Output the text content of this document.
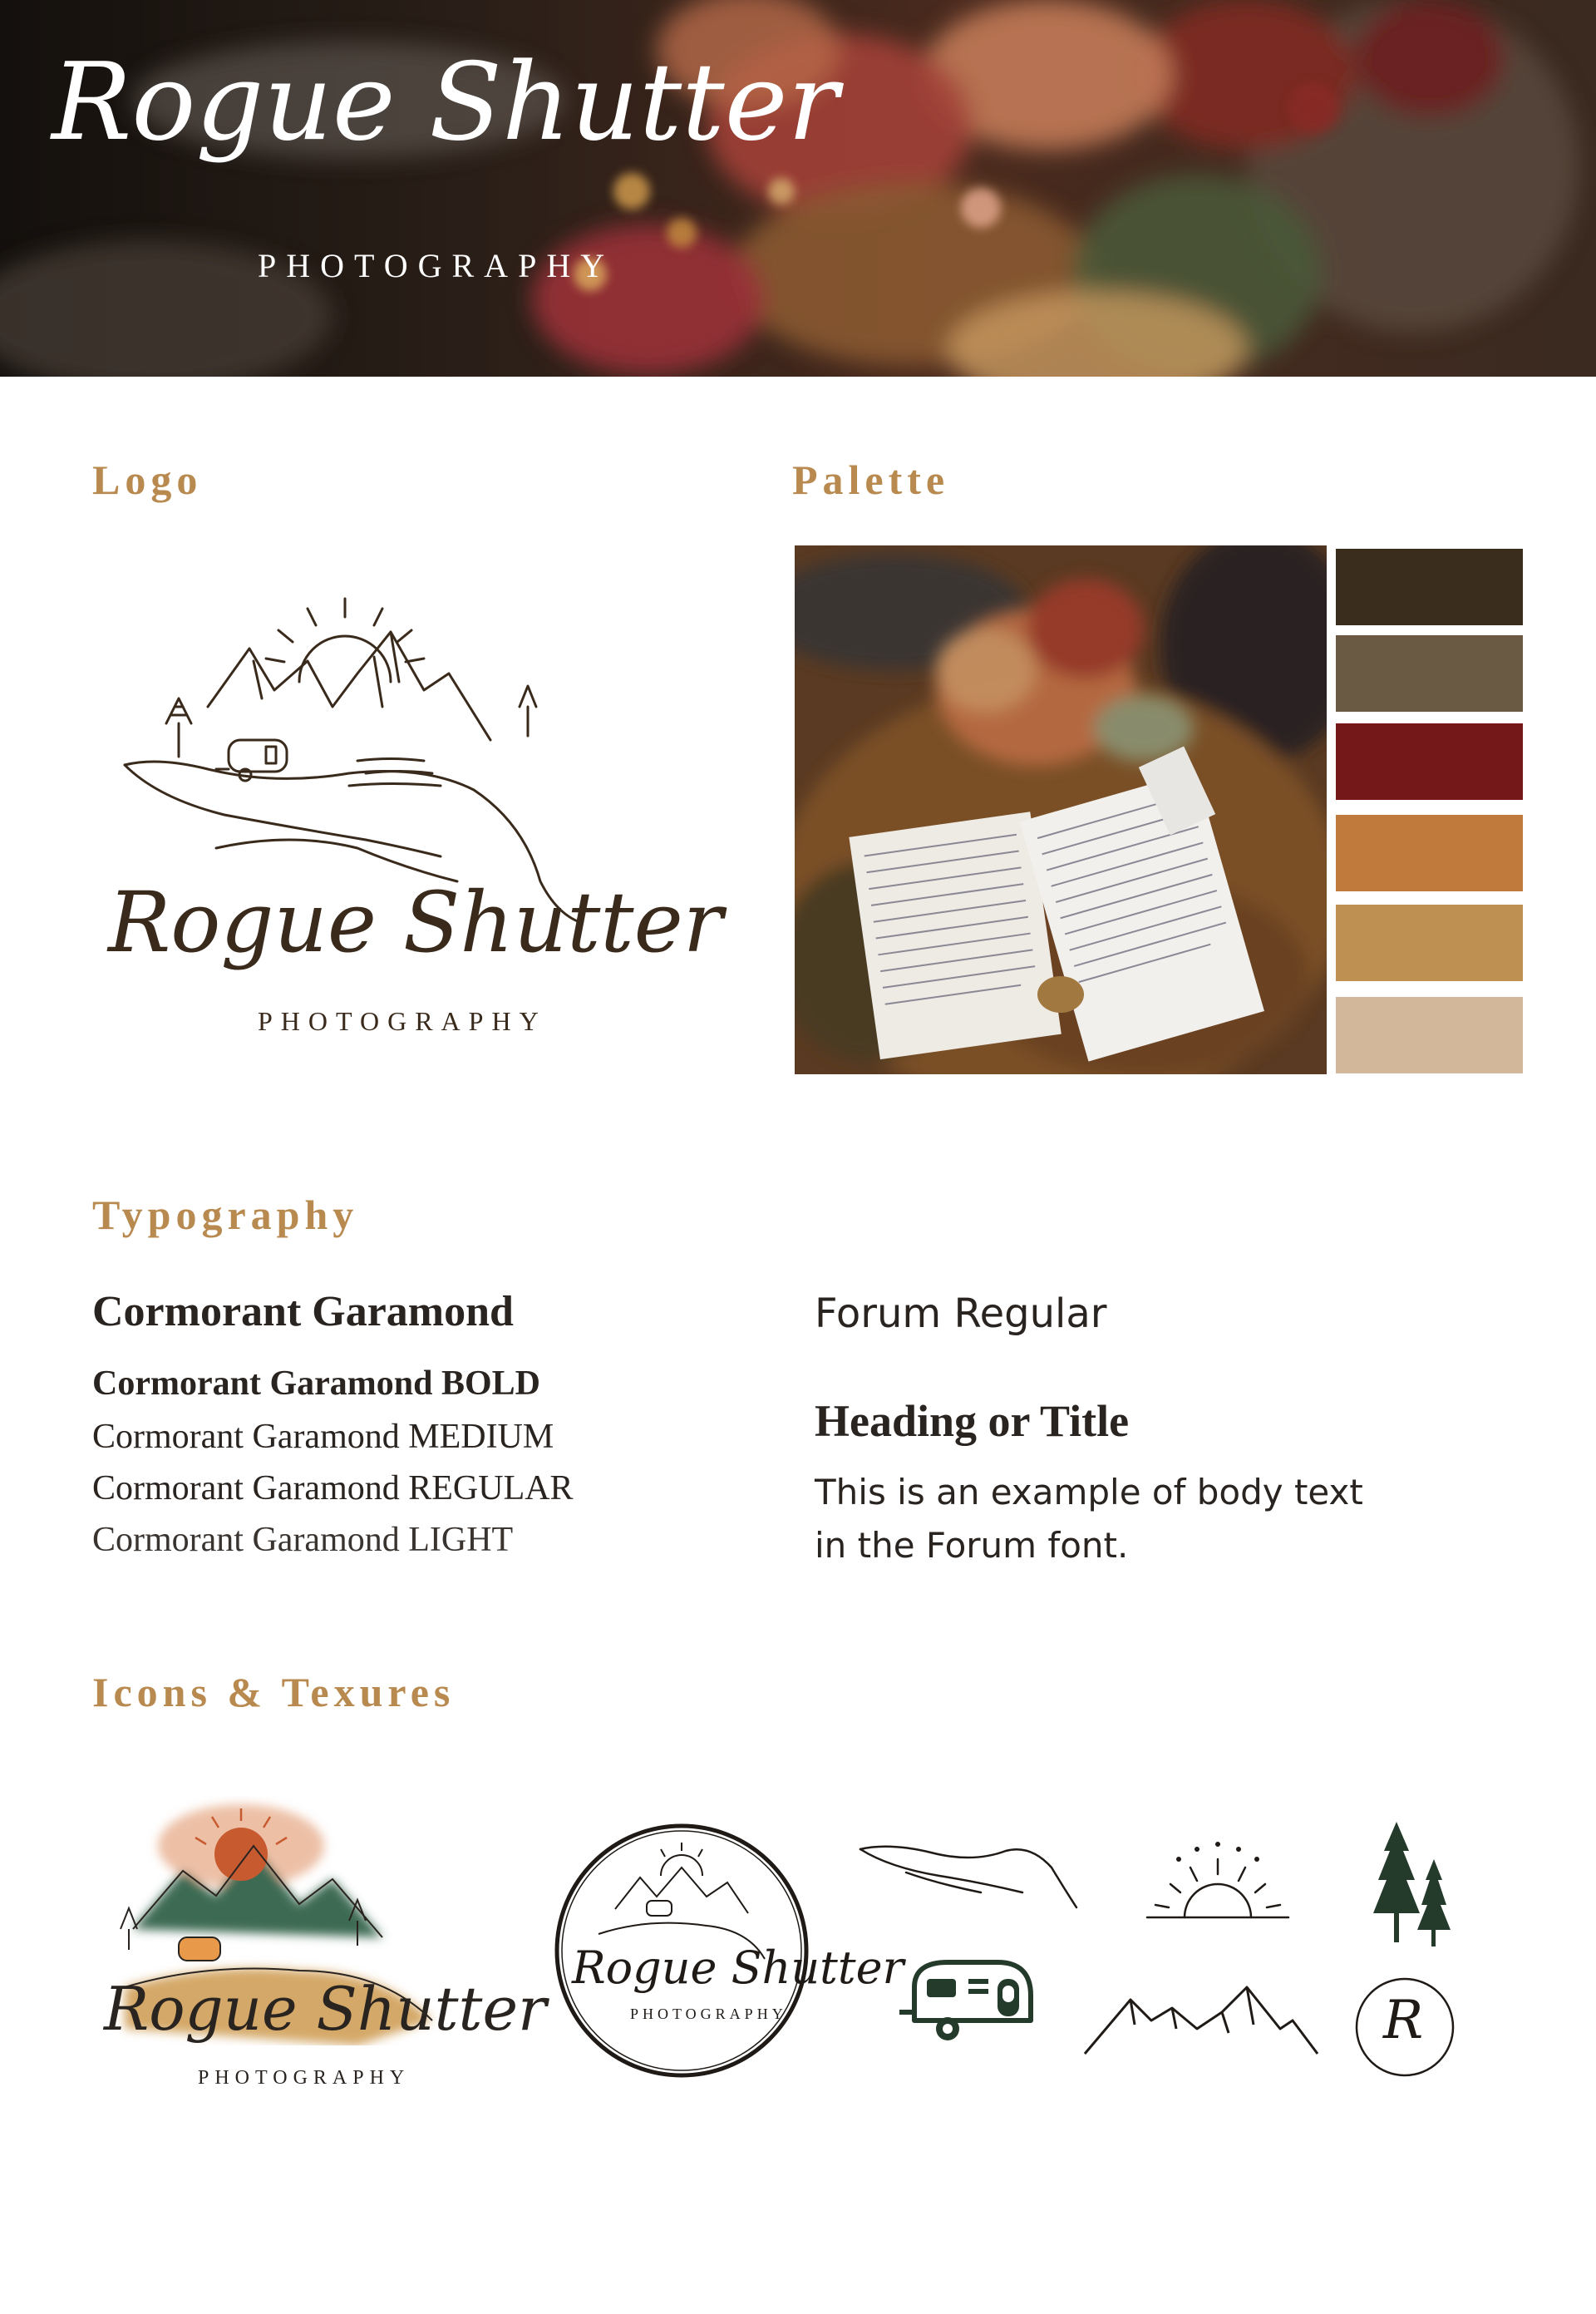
Rogue Shutter
PHOTOGRAPHY
Logo
Rogue Shutter
PHOTOGRAPHY
Palette
Typography
Cormorant Garamond
Cormorant Garamond BOLD
Cormorant Garamond MEDIUM
Cormorant Garamond REGULAR
Cormorant Garamond LIGHT
Forum Regular
Heading or Title
This is an example of body text
in the Forum font.
Icons & Texures
Rogue Shutter
PHOTOGRAPHY
Rogue Shutter
PHOTOGRAPHY	R
